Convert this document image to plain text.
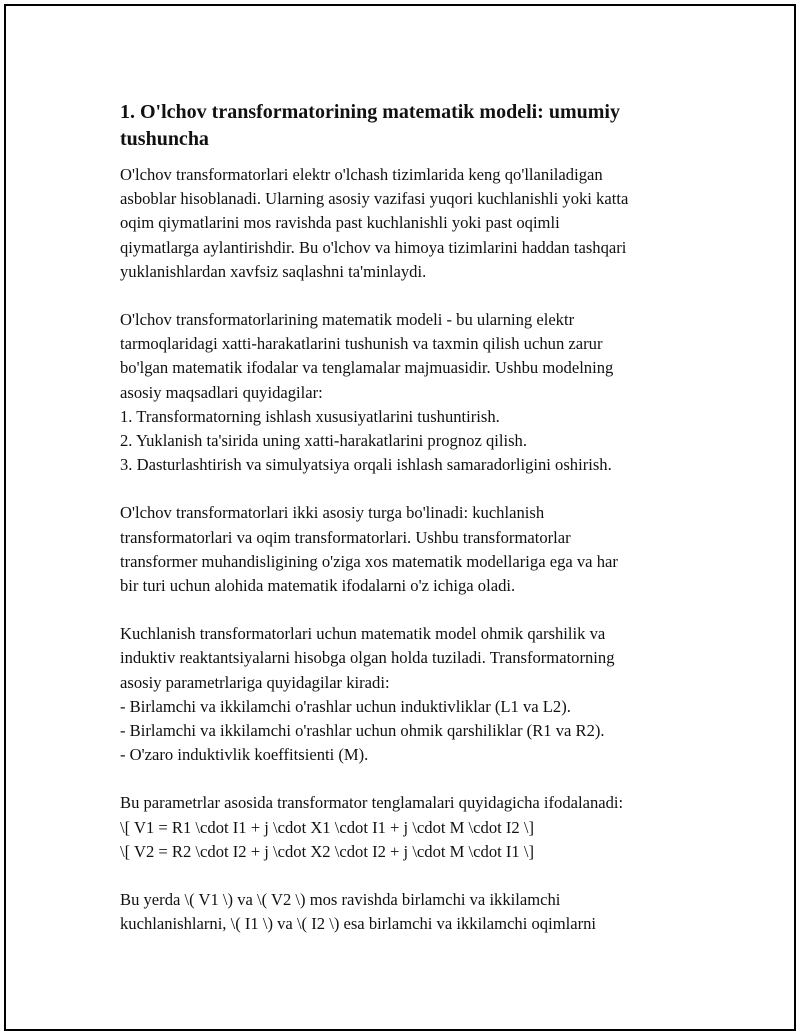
1. O'lchov transformatorining matematik modeli: umumiy tushuncha

O'lchov transformatorlari elektr o'lchash tizimlarida keng qo'llaniladigan
asboblar hisoblanadi. Ularning asosiy vazifasi yuqori kuchlanishli yoki katta
oqim qiymatlarini mos ravishda past kuchlanishli yoki past oqimli
qiymatlarga aylantirishdir. Bu o'lchov va himoya tizimlarini haddan tashqari
yuklanishlardan xavfsiz saqlashni ta'minlaydi.

O'lchov transformatorlarining matematik modeli - bu ularning elektr
tarmoqlaridagi xatti-harakatlarini tushunish va taxmin qilish uchun zarur
bo'lgan matematik ifodalar va tenglamalar majmuasidir. Ushbu modelning
asosiy maqsadlari quyidagilar:
1. Transformatorning ishlash xususiyatlarini tushuntirish.
2. Yuklanish ta'sirida uning xatti-harakatlarini prognoz qilish.
3. Dasturlashtirish va simulyatsiya orqali ishlash samaradorligini oshirish.

O'lchov transformatorlari ikki asosiy turga bo'linadi: kuchlanish
transformatorlari va oqim transformatorlari. Ushbu transformatorlar
transformer muhandisligining o'ziga xos matematik modellariga ega va har
bir turi uchun alohida matematik ifodalarni o'z ichiga oladi.

Kuchlanish transformatorlari uchun matematik model ohmik qarshilik va
induktiv reaktantsiyalarni hisobga olgan holda tuziladi. Transformatorning
asosiy parametrlariga quyidagilar kiradi:
- Birlamchi va ikkilamchi o'rashlar uchun induktivliklar (L1 va L2).
- Birlamchi va ikkilamchi o'rashlar uchun ohmik qarshiliklar (R1 va R2).
- O'zaro induktivlik koeffitsienti (M).

Bu parametrlar asosida transformator tenglamalari quyidagicha ifodalanadi:
\[ V1 = R1 \cdot I1 + j \cdot X1 \cdot I1 + j \cdot M \cdot I2 \]
\[ V2 = R2 \cdot I2 + j \cdot X2 \cdot I2 + j \cdot M \cdot I1 \]

Bu yerda \( V1 \) va \( V2 \) mos ravishda birlamchi va ikkilamchi
kuchlanishlarni, \( I1 \) va \( I2 \) esa birlamchi va ikkilamchi oqimlarni
